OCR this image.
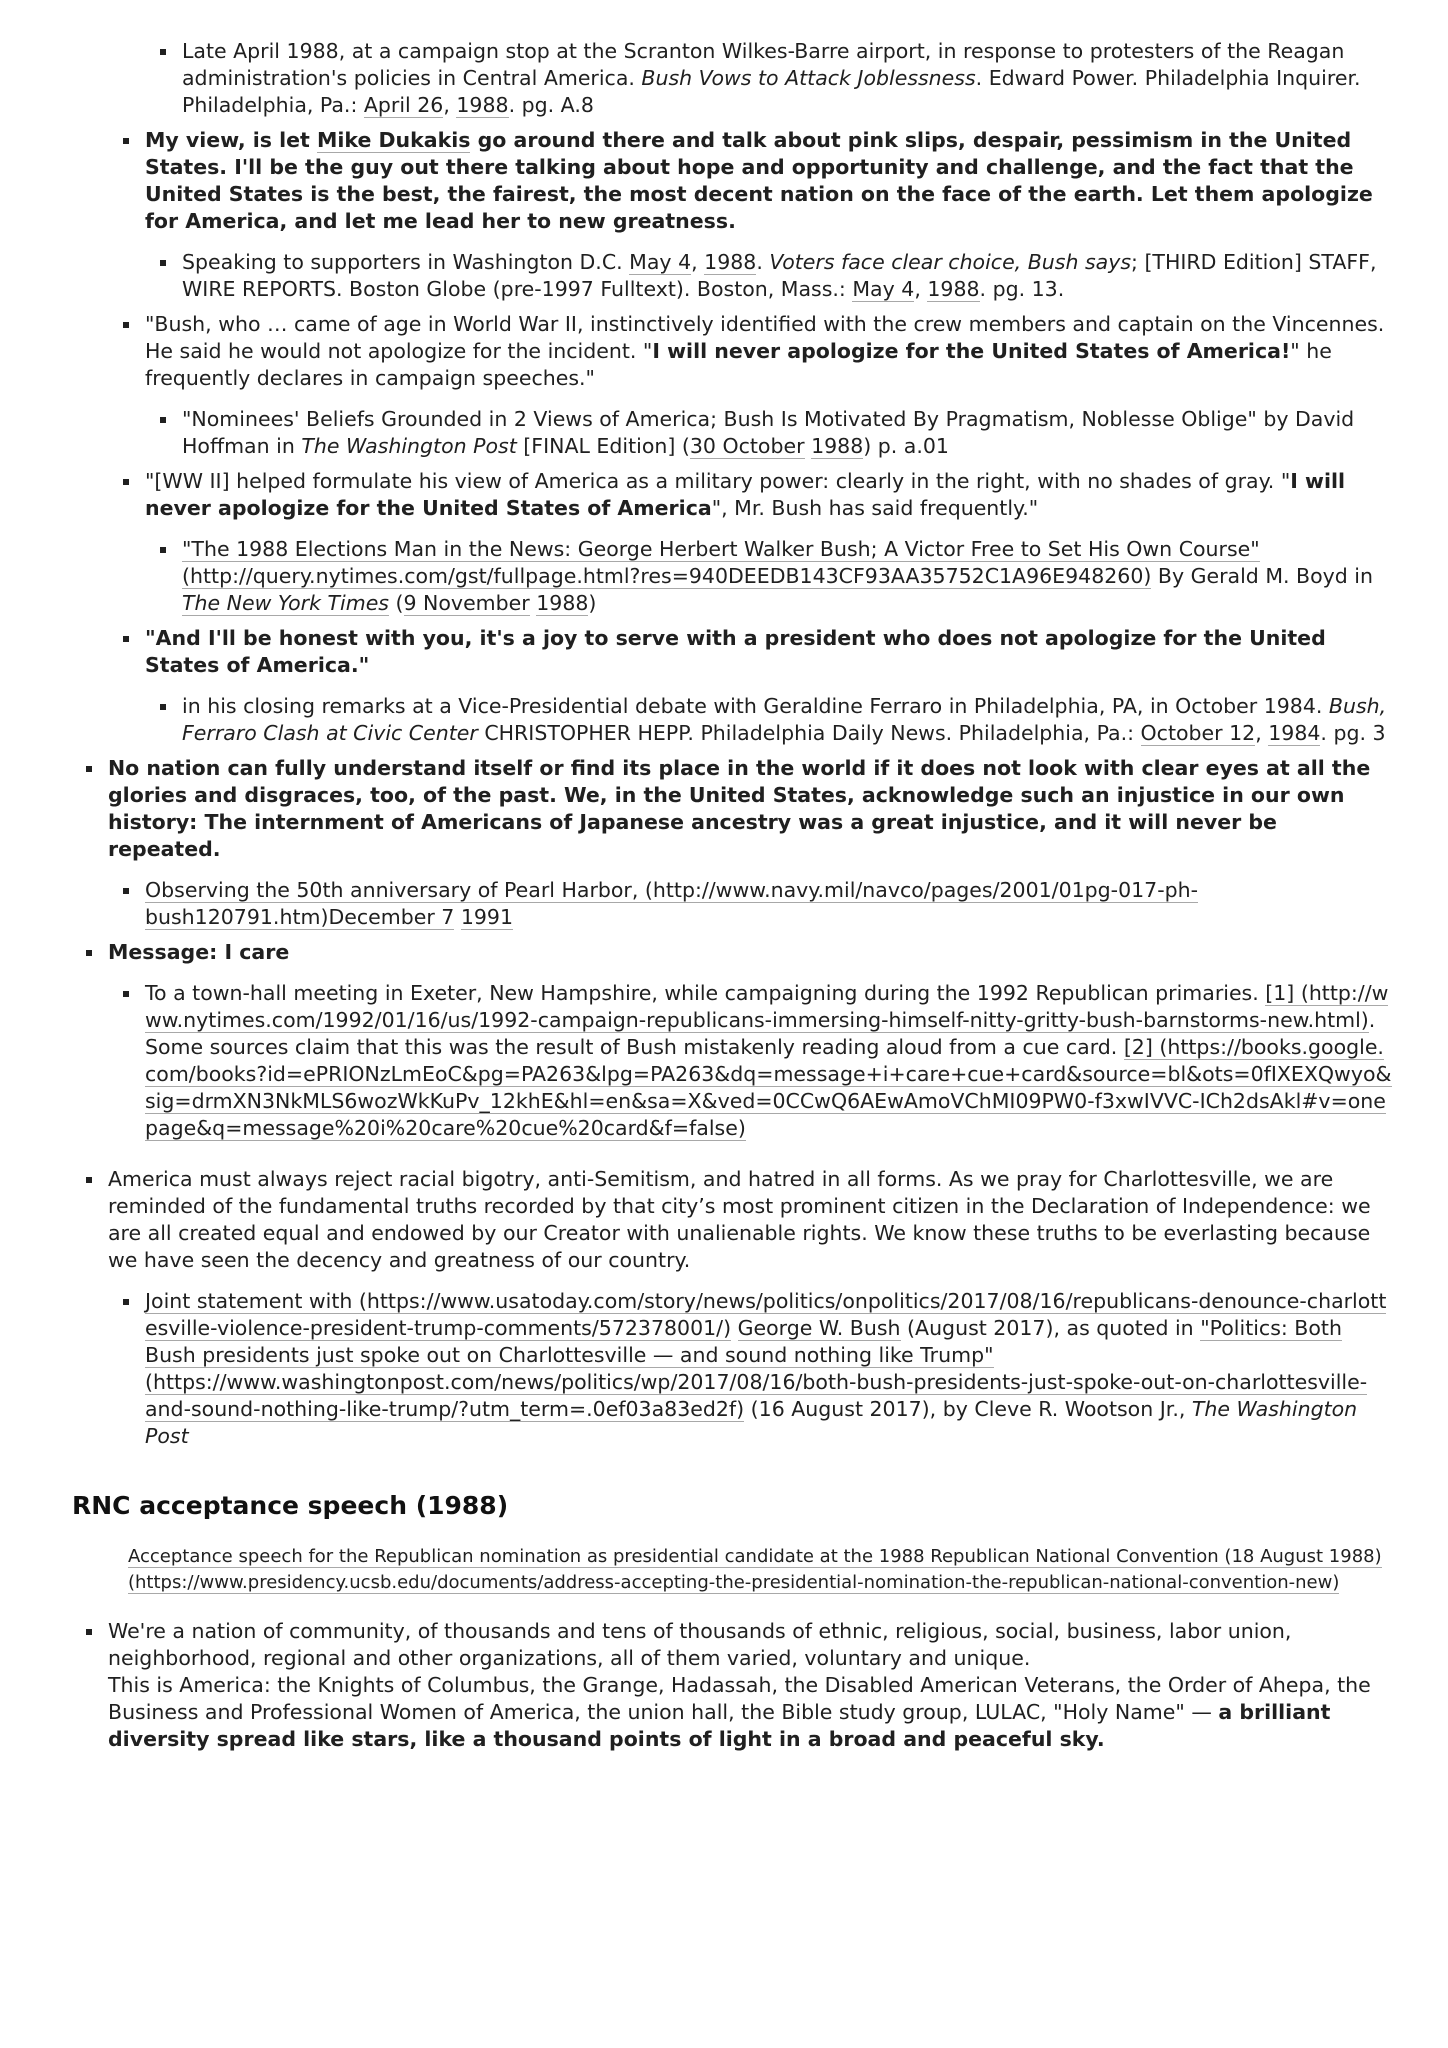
Late April 1988, at a campaign stop at the Scranton Wilkes-Barre airport, in response to protesters of the Reagan administration's policies in Central America. Bush Vows to Attack Joblessness. Edward Power. Philadelphia Inquirer. Philadelphia, Pa.: April 26, 1988. pg. A.8
My view, is let Mike Dukakis go around there and talk about pink slips, despair, pessimism in the United States. I'll be the guy out there talking about hope and opportunity and challenge, and the fact that the United States is the best, the fairest, the most decent nation on the face of the earth. Let them apologize for America, and let me lead her to new greatness.
Speaking to supporters in Washington D.C. May 4, 1988. Voters face clear choice, Bush says; [THIRD Edition] STAFF, WIRE REPORTS. Boston Globe (pre-1997 Fulltext). Boston, Mass.: May 4, 1988. pg. 13.
"Bush, who … came of age in World War II, instinctively identified with the crew members and captain on the Vincennes. He said he would not apologize for the incident. "I will never apologize for the United States of America!" he frequently declares in campaign speeches."
"Nominees' Beliefs Grounded in 2 Views of America; Bush Is Motivated By Pragmatism, Noblesse Oblige" by David Hoffman in The Washington Post [FINAL Edition] (30 October 1988) p. a.01
"[WW II] helped formulate his view of America as a military power: clearly in the right, with no shades of gray. "I will never apologize for the United States of America", Mr. Bush has said frequently."
"The 1988 Elections Man in the News: George Herbert Walker Bush; A Victor Free to Set His Own Course" (http://query.nytimes.com/gst/fullpage.html?res=940DEEDB143CF93AA35752C1A96E948260) By Gerald M. Boyd in The New York Times (9 November 1988)
"And I'll be honest with you, it's a joy to serve with a president who does not apologize for the United States of America."
in his closing remarks at a Vice-Presidential debate with Geraldine Ferraro in Philadelphia, PA, in October 1984. Bush, Ferraro Clash at Civic Center CHRISTOPHER HEPP. Philadelphia Daily News. Philadelphia, Pa.: October 12, 1984. pg. 3
No nation can fully understand itself or find its place in the world if it does not look with clear eyes at all the glories and disgraces, too, of the past. We, in the United States, acknowledge such an injustice in our own history: The internment of Americans of Japanese ancestry was a great injustice, and it will never be repeated.
Observing the 50th anniversary of Pearl Harbor, (http://www.navy.mil/navco/pages/2001/01pg-017-ph-bush120791.htm)December 7 1991
Message: I care
To a town-hall meeting in Exeter, New Hampshire, while campaigning during the 1992 Republican primaries. [1] (http://www.nytimes.com/1992/01/16/us/1992-campaign-republicans-immersing-himself-nitty-gritty-bush-barnstorms-new.html). Some sources claim that this was the result of Bush mistakenly reading aloud from a cue card. [2] (https://books.google.com/books?id=ePRIONzLmEoC&pg=PA263&lpg=PA263&dq=message+i+care+cue+card&source=bl&ots=0fIXEXQwyo&sig=drmXN3NkMLS6wozWkKuPv_12khE&hl=en&sa=X&ved=0CCwQ6AEwAmoVChMI09PW0-f3xwIVVC-ICh2dsAkl#v=onepage&q=message%20i%20care%20cue%20card&f=false)
America must always reject racial bigotry, anti-Semitism, and hatred in all forms. As we pray for Charlottesville, we are reminded of the fundamental truths recorded by that city’s most prominent citizen in the Declaration of Independence: we are all created equal and endowed by our Creator with unalienable rights. We know these truths to be everlasting because we have seen the decency and greatness of our country.
Joint statement with (https://www.usatoday.com/story/news/politics/onpolitics/2017/08/16/republicans-denounce-charlottesville-violence-president-trump-comments/572378001/) George W. Bush (August 2017), as quoted in "Politics: Both Bush presidents just spoke out on Charlottesville — and sound nothing like Trump" (https://www.washingtonpost.com/news/politics/wp/2017/08/16/both-bush-presidents-just-spoke-out-on-charlottesville-and-sound-nothing-like-trump/?utm_term=.0ef03a83ed2f) (16 August 2017), by Cleve R. Wootson Jr., The Washington Post
RNC acceptance speech (1988)
Acceptance speech for the Republican nomination as presidential candidate at the 1988 Republican National Convention (18 August 1988) (https://www.presidency.ucsb.edu/documents/address-accepting-the-presidential-nomination-the-republican-national-convention-new)
We're a nation of community, of thousands and tens of thousands of ethnic, religious, social, business, labor union, neighborhood, regional and other organizations, all of them varied, voluntary and unique.
This is America: the Knights of Columbus, the Grange, Hadassah, the Disabled American Veterans, the Order of Ahepa, the Business and Professional Women of America, the union hall, the Bible study group, LULAC, "Holy Name" — a brilliant diversity spread like stars, like a thousand points of light in a broad and peaceful sky.
